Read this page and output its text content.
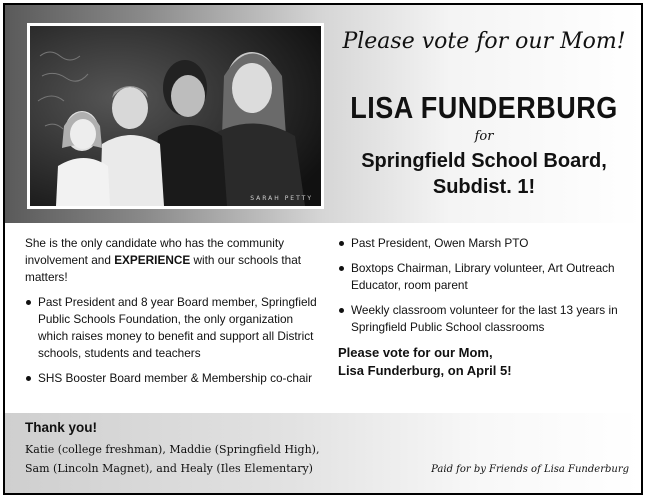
SARAH PETTY
Please vote for our Mom!
LISA FUNDERBURG
for
Springfield School Board,
Subdist. 1!

She is the only candidate who has the community involvement and EXPERIENCE with our schools that matters!

Past President and 8 year Board member, Springfield Public Schools Foundation, the only organization which raises money to benefit and support all District schools, students and teachers
SHS Booster Board member & Membership co-chair
Past President, Owen Marsh PTO
Boxtops Chairman, Library volunteer, Art Outreach Educator, room parent
Weekly classroom volunteer for the last 13 years in Springfield Public School classrooms
Please vote for our Mom,
Lisa Funderburg, on April 5!
Thank you!
Katie (college freshman), Maddie (Springfield High),
Sam (Lincoln Magnet), and Healy (Iles Elementary)	Paid for by Friends of Lisa Funderburg
